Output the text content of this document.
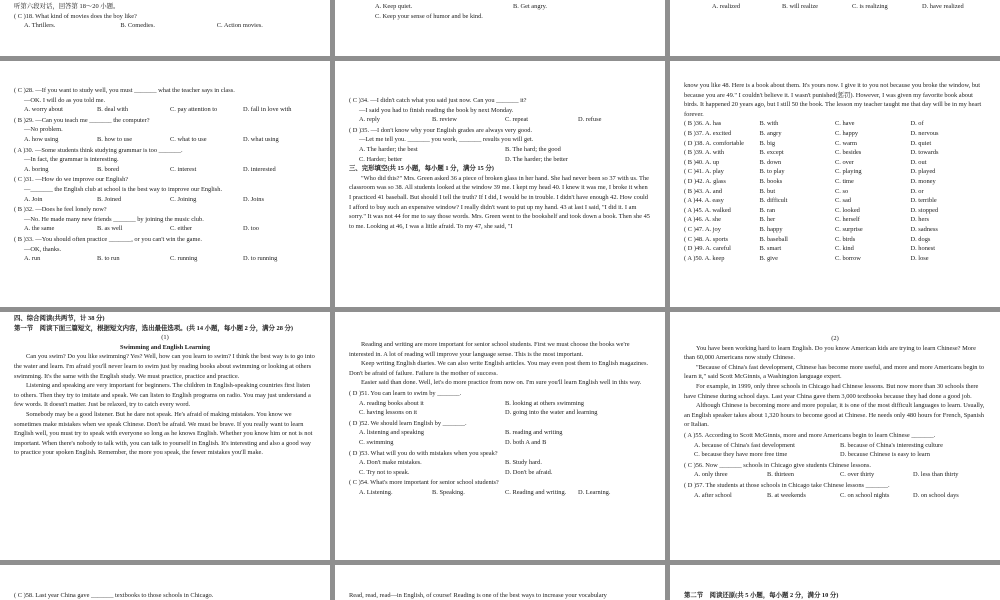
听第六段对话，回答第 18～20 小题。
( C )18. What kind of movies does the boy like?
A. Thrillers.	B. Comedies.	C. Action movies.
A. Keep quiet.	B. Get angry.
C. Keep your sense of humor and be kind.
A. realized	B. will realize	C. is realizing	D. have realized
( C )28. —If you want to study well, you must _______ what the teacher says in class.
—OK. I will do as you told me.
A. worry about	B. deal with	C. pay attention to	D. fall in love with
( B )29. —Can you teach me _______ the computer?
—No problem.
A. how using	B. how to use	C. what to use	D. what using
( A )30. —Some students think studying grammar is too _______.
—In fact, the grammar is interesting.
A. boring	B. bored	C. interest	D. interested
( C )31. —How do we improve our English?
—_______ the English club at school is the best way to improve our English.
A. Join	B. Joined	C. Joining	D. Joins
( B )32. —Does he feel lonely now?
—No. He made many new friends _______ by joining the music club.
A. the same	B. as well	C. either	D. too
( B )33. —You should often practice _______, or you can't win the game.
—OK, thanks.
A. run	B. to run	C. running	D. to running
( C )34. —I didn't catch what you said just now. Can you _______ it?
—I said you had to finish reading the book by next Monday.
A. reply	B. review	C. repeat	D. refuse
( D )35. —I don't know why your English grades are always very good.
—Let me tell you. _______ you work, _______ results you will get.
A. The harder; the best	B. The hard; the good
C. Harder; better	D. The harder; the better
三、完形填空(共 15 小题，每小题 1 分，满分 15 分)
"Who did this?" Mrs. Green asked 36 a piece of broken glass in her hand. She had never been so 37 with us. The classroom was so 38. All students looked at the window 39 me. I kept my head 40. I knew it was me, I broke it when I practiced 41 baseball. But should I tell the truth? If I did, I would be in trouble. I didn't have enough 42. How could I afford to buy such an expensive window? I really didn't want to put up my hand. 43 at last I said, "I did it. I am sorry." It was not 44 for me to say those words. Mrs. Green went to the bookshelf and took down a book. Then she 45 to me. Looking at 46, I was a little afraid. To my 47, she said, "I
know you like 48. Here is a book about them. It's yours now. I give it to you not because you broke the window, but because you are 49." I couldn't believe it. I wasn't punished(惩罚). However, I was given my favorite book about birds. It happened 20 years ago, but I still 50 the book. The lesson my teacher taught me that day will be in my heart forever.
( B )36. A. has	B. with	C. have	D. of
( B )37. A. excited	B. angry	C. happy	D. nervous
( D )38. A. comfortable	B. big	C. warm	D. quiet
( B )39. A. with	B. except	C. besides	D. towards
( B )40. A. up	B. down	C. over	D. out
( C )41. A. play	B. to play	C. playing	D. played
( D )42. A. glass	B. books	C. time	D. money
( B )43. A. and	B. but	C. so	D. or
( A )44. A. easy	B. difficult	C. sad	D. terrible
( A )45. A. walked	B. ran	C. looked	D. stopped
( A )46. A. she	B. her	C. herself	D. hers
( C )47. A. joy	B. happy	C. surprise	D. sadness
( C )48. A. sports	B. baseball	C. birds	D. dogs
( D )49. A. careful	B. smart	C. kind	D. honest
( A )50. A. keep	B. give	C. borrow	D. lose
四、综合阅读(共两节，计 38 分)
第一节　阅读下面三篇短文，根据短文内容，选出最佳选项。(共 14 小题，每小题 2 分，满分 28 分)
(1)
Swimming and English Learning
Can you swim? Do you like swimming? Yes? Well, how can you learn to swim? I think the best way is to go into the water and learn. I'm afraid you'll never learn to swim just by reading books about swimming or looking at others swimming. It's the same with the English study. We must practice, practice and practice.
Listening and speaking are very important for beginners. The children in English-speaking countries first listen to others. Then they try to imitate and speak. We can listen to English programs on radio. You may just understand a few words. It doesn't matter. Just be relaxed, try to catch every word.
Somebody may be a good listener. But he dare not speak. He's afraid of making mistakes. You know we sometimes make mistakes when we speak Chinese. Don't be afraid. We must be brave. If you really want to learn English well, you must try to speak with everyone so long as he knows English. Whether you know him or not is not important. When there's nobody to talk with, you can talk to yourself in English. It's interesting and also a good way to practice your spoken English. Remember, the more you speak, the fewer mistakes you'll make.
Reading and writing are more important for senior school students. First we must choose the books we're interested in. A lot of reading will improve your language sense. This is the most important.
Keep writing English diaries. We can also write English articles. You may even post them to English magazines. Don't be afraid of failure. Failure is the mother of success.
Easier said than done. Well, let's do more practice from now on. I'm sure you'll learn English well in this way.
( D )51. You can learn to swim by _______.
A. reading books about it	B. looking at others swimming
C. having lessons on it	D. going into the water and learning
( D )52. We should learn English by _______.
A. listening and speaking	B. reading and writing
C. swimming	D. both A and B
( D )53. What will you do with mistakes when you speak?
A. Don't make mistakes.	B. Study hard.
C. Try not to speak.	D. Don't be afraid.
( C )54. What's more important for senior school students?
A. Listening.	B. Speaking.	C. Reading and writing.	D. Learning.
(2)
You have been working hard to learn English. Do you know American kids are trying to learn Chinese? More than 60,000 Americans now study Chinese.
"Because of China's fast development, Chinese has become more useful, and more and more Americans begin to learn it," said Scott McGinnis, a Washington language expert.
For example, in 1999, only three schools in Chicago had Chinese lessons. But now more than 30 schools there have Chinese during school days. Last year China gave them 3,000 textbooks because they had done a good job.
Although Chinese is becoming more and more popular, it is one of the most difficult languages to learn. Usually, an English speaker takes about 1,320 hours to become good at Chinese. He needs only 480 hours for French, Spanish or Italian.
( A )55. According to Scott McGinnis, more and more Americans begin to learn Chinese _______.
A. because of China's fast development	B. because of China's interesting culture
C. because they have more free time	D. because Chinese is easy to learn
( C )56. Now _______ schools in Chicago give students Chinese lessons.
A. only three	B. thirteen	C. over thirty	D. less than thirty
( D )57. The students at those schools in Chicago take Chinese lessons _______.
A. after school	B. at weekends	C. on school nights	D. on school days
( C )58. Last year China gave _______ textbooks to those schools in Chicago.	Read, read, read—in English, of course! Reading is one of the best ways to increase your vocabulary	第二节　阅读还原(共 5 小题，每小题 2 分，满分 10 分)
